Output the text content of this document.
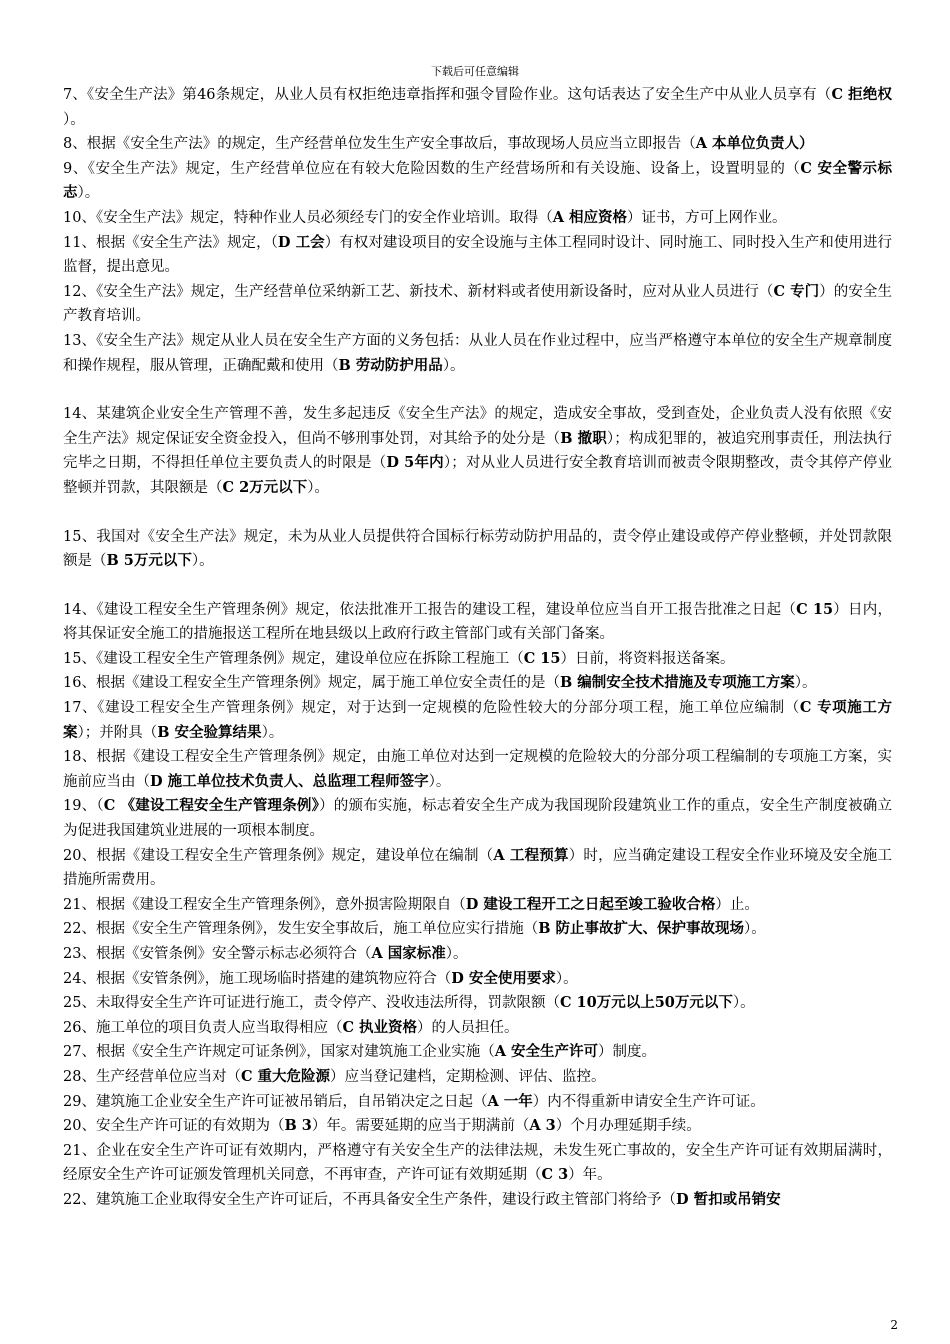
下载后可任意编辑

7、《安全生产法》第46条规定，从业人员有权拒绝违章指挥和强令冒险作业。这句话表达了安全生产中从业人员享有（C 拒绝权 ）。

8、根据《安全生产法》的规定，生产经营单位发生生产安全事故后，事故现场人员应当立即报告（A 本单位负责人）

9、《安全生产法》规定，生产经营单位应在有较大危险因数的生产经营场所和有关设施、设备上，设置明显的（C 安全警示标志）。

10、《安全生产法》规定，特种作业人员必须经专门的安全作业培训。取得（A 相应资格）证书，方可上网作业。

11、根据《安全生产法》规定，（D 工会）有权对建设项目的安全设施与主体工程同时设计、同时施工、同时投入生产和使用进行监督，提出意见。

12、《安全生产法》规定，生产经营单位采纳新工艺、新技术、新材料或者使用新设备时，应对从业人员进行（C 专门）的安全生产教育培训。

13、《安全生产法》规定从业人员在安全生产方面的义务包括：从业人员在作业过程中，应当严格遵守本单位的安全生产规章制度和操作规程，服从管理，正确配戴和使用（B 劳动防护用品）。

14、某建筑企业安全生产管理不善，发生多起违反《安全生产法》的规定，造成安全事故，受到查处，企业负责人没有依照《安全生产法》规定保证安全资金投入，但尚不够刑事处罚，对其给予的处分是（B 撤职）；构成犯罪的，被追究刑事责任，刑法执行完毕之日期，不得担任单位主要负责人的时限是（D 5年内）；对从业人员进行安全教育培训而被责令限期整改，责令其停产停业整顿并罚款，其限额是（C 2万元以下）。

15、我国对《安全生产法》规定，未为从业人员提供符合国标行标劳动防护用品的，责令停止建设或停产停业整顿，并处罚款限额是（B 5万元以下）。

14、《建设工程安全生产管理条例》规定，依法批准开工报告的建设工程，建设单位应当自开工报告批准之日起（C 15）日内，将其保证安全施工的措施报送工程所在地县级以上政府行政主管部门或有关部门备案。

15、《建设工程安全生产管理条例》规定，建设单位应在拆除工程施工（C 15）日前，将资料报送备案。

16、根据《建设工程安全生产管理条例》规定，属于施工单位安全责任的是（B 编制安全技术措施及专项施工方案）。

17、《建设工程安全生产管理条例》规定，对于达到一定规模的危险性较大的分部分项工程，施工单位应编制（C 专项施工方案）；并附具（B 安全验算结果）。

18、根据《建设工程安全生产管理条例》规定，由施工单位对达到一定规模的危险较大的分部分项工程编制的专项施工方案，实施前应当由（D 施工单位技术负责人、总监理工程师签字）。

19、（C 《建设工程安全生产管理条例》）的颁布实施，标志着安全生产成为我国现阶段建筑业工作的重点，安全生产制度被确立为促进我国建筑业进展的一项根本制度。

20、根据《建设工程安全生产管理条例》规定，建设单位在编制（A 工程预算）时，应当确定建设工程安全作业环境及安全施工措施所需费用。

21、根据《建设工程安全生产管理条例》，意外损害险期限自（D 建设工程开工之日起至竣工验收合格）止。

22、根据《安全生产管理条例》，发生安全事故后，施工单位应实行措施（B 防止事故扩大、保护事故现场）。

23、根据《安管条例》安全警示标志必须符合（A 国家标准）。

24、根据《安管条例》，施工现场临时搭建的建筑物应符合（D 安全使用要求）。

25、未取得安全生产许可证进行施工，责令停产、没收违法所得，罚款限额（C 10万元以上50万元以下）。

26、施工单位的项目负责人应当取得相应（C 执业资格）的人员担任。

27、根据《安全生产许规定可证条例》，国家对建筑施工企业实施（A 安全生产许可）制度。

28、生产经营单位应当对（C 重大危险源）应当登记建档，定期检测、评估、监控。

29、建筑施工企业安全生产许可证被吊销后，自吊销决定之日起（A 一年）内不得重新申请安全生产许可证。

20、安全生产许可证的有效期为（B 3）年。需要延期的应当于期满前（A 3）个月办理延期手续。

21、企业在安全生产许可证有效期内，严格遵守有关安全生产的法律法规，未发生死亡事故的，安全生产许可证有效期届满时，经原安全生产许可证颁发管理机关同意，不再审查，产许可证有效期延期（C 3）年。

22、建筑施工企业取得安全生产许可证后，不再具备安全生产条件，建设行政主管部门将给予（D 暂扣或吊销安

2
